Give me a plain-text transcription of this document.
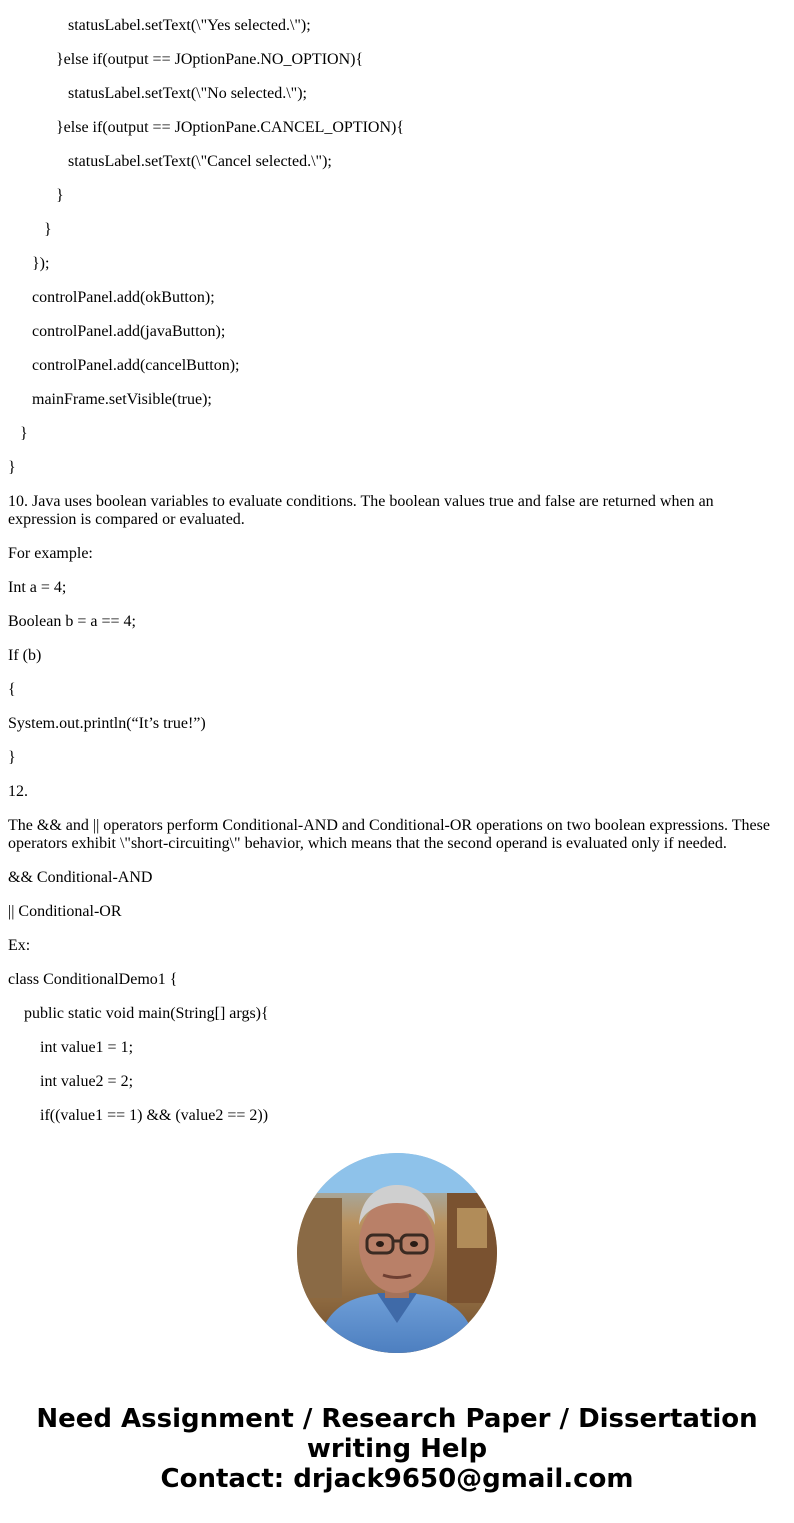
statusLabel.setText(\"Yes selected.\");
}else if(output == JOptionPane.NO_OPTION){
statusLabel.setText(\"No selected.\");
}else if(output == JOptionPane.CANCEL_OPTION){
statusLabel.setText(\"Cancel selected.\");
}
}
});
controlPanel.add(okButton);
controlPanel.add(javaButton);
controlPanel.add(cancelButton);
mainFrame.setVisible(true);
}
}
10. Java uses boolean variables to evaluate conditions. The boolean values true and false are returned when an expression is compared or evaluated.
For example:
Int a = 4;
Boolean b = a == 4;
If (b)
{
System.out.println(“It’s true!”)
}
12.
The && and || operators perform Conditional-AND and Conditional-OR operations on two boolean expressions. These operators exhibit \"short-circuiting\" behavior, which means that the second operand is evaluated only if needed.
&& Conditional-AND
|| Conditional-OR
Ex:
class ConditionalDemo1 {
public static void main(String[] args){
int value1 = 1;
int value2 = 2;
if((value1 == 1) && (value2 == 2))
Need Assignment / Research Paper / Dissertation
writing Help
Contact: drjack9650@gmail.com
